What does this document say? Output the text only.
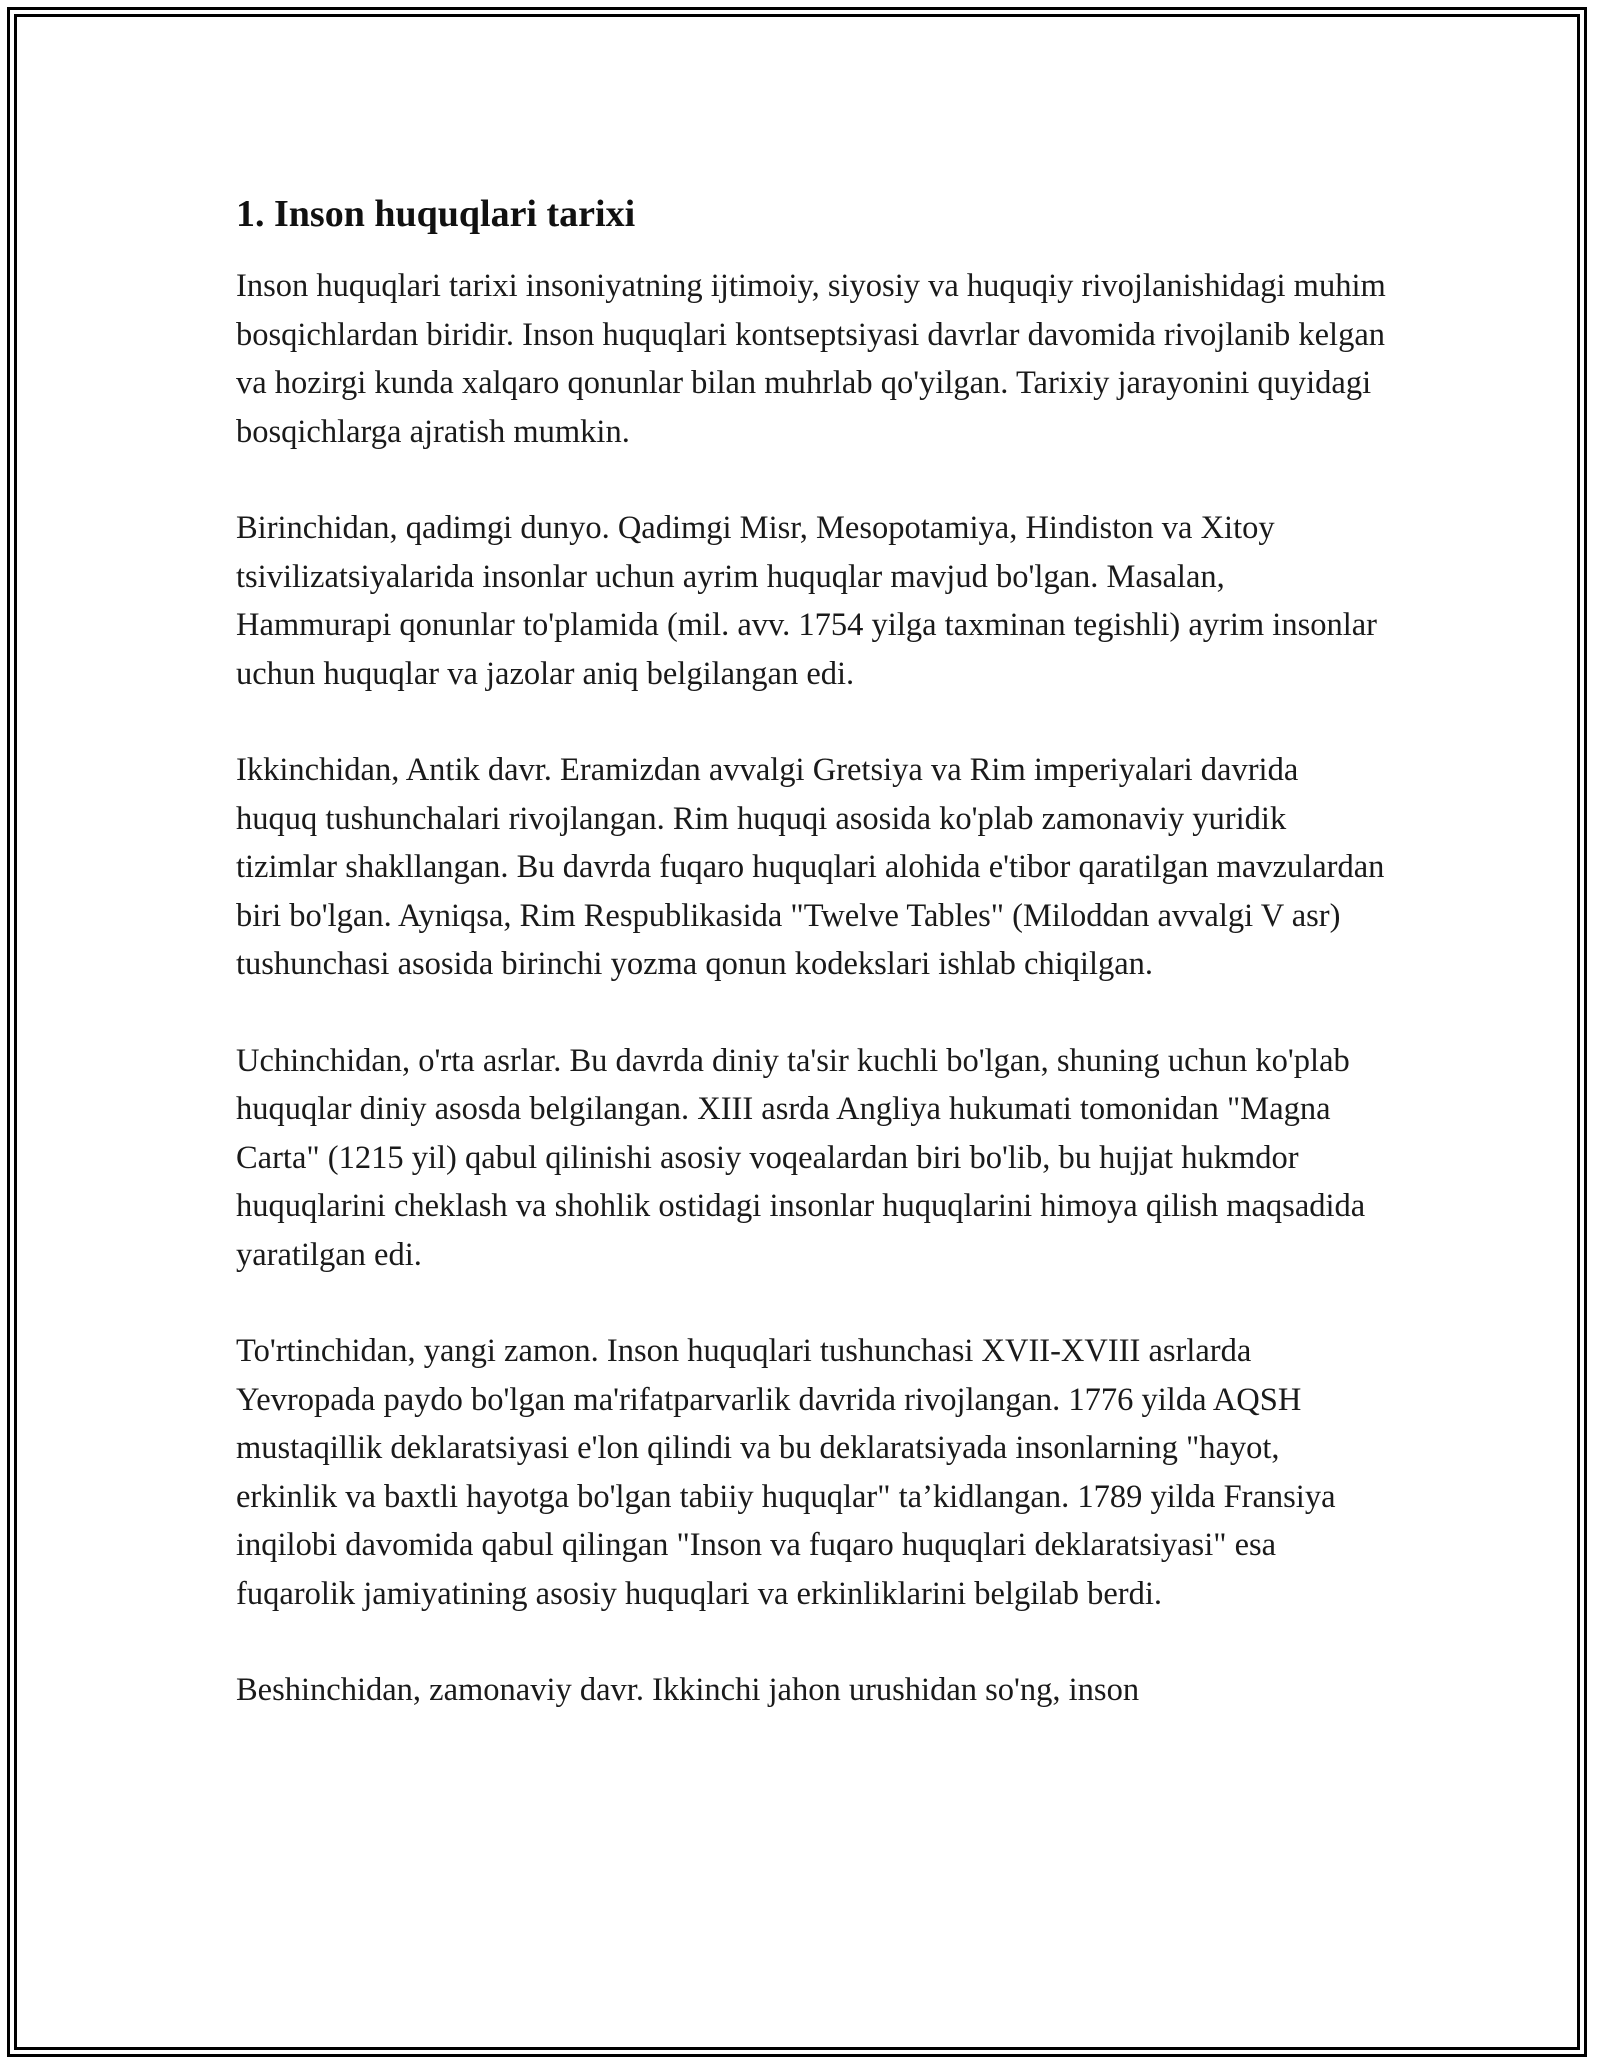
1. Inson huquqlari tarixi

Inson huquqlari tarixi insoniyatning ijtimoiy, siyosiy va huquqiy rivojlanishidagi muhim bosqichlardan biridir. Inson huquqlari kontseptsiyasi davrlar davomida rivojlanib kelgan va hozirgi kunda xalqaro qonunlar bilan muhrlab qo'yilgan. Tarixiy jarayonini quyidagi bosqichlarga ajratish mumkin.

Birinchidan, qadimgi dunyo. Qadimgi Misr, Mesopotamiya, Hindiston va Xitoy tsivilizatsiyalarida insonlar uchun ayrim huquqlar mavjud bo'lgan. Masalan, Hammurapi qonunlar to'plamida (mil. avv. 1754 yilga taxminan tegishli) ayrim insonlar uchun huquqlar va jazolar aniq belgilangan edi.

Ikkinchidan, Antik davr. Eramizdan avvalgi Gretsiya va Rim imperiyalari davrida huquq tushunchalari rivojlangan. Rim huquqi asosida ko'plab zamonaviy yuridik tizimlar shakllangan. Bu davrda fuqaro huquqlari alohida e'tibor qaratilgan mavzulardan biri bo'lgan. Ayniqsa, Rim Respublikasida "Twelve Tables" (Miloddan avvalgi V asr) tushunchasi asosida birinchi yozma qonun kodekslari ishlab chiqilgan.

Uchinchidan, o'rta asrlar. Bu davrda diniy ta'sir kuchli bo'lgan, shuning uchun ko'plab huquqlar diniy asosda belgilangan. XIII asrda Angliya hukumati tomonidan "Magna Carta" (1215 yil) qabul qilinishi asosiy voqealardan biri bo'lib, bu hujjat hukmdor huquqlarini cheklash va shohlik ostidagi insonlar huquqlarini himoya qilish maqsadida yaratilgan edi.

To'rtinchidan, yangi zamon. Inson huquqlari tushunchasi XVII-XVIII asrlarda Yevropada paydo bo'lgan ma'rifatparvarlik davrida rivojlangan. 1776 yilda AQSH mustaqillik deklaratsiyasi e'lon qilindi va bu deklaratsiyada insonlarning "hayot, erkinlik va baxtli hayotga bo'lgan tabiiy huquqlar" ta’kidlangan. 1789 yilda Fransiya inqilobi davomida qabul qilingan "Inson va fuqaro huquqlari deklaratsiyasi" esa fuqarolik jamiyatining asosiy huquqlari va erkinliklarini belgilab berdi.

Beshinchidan, zamonaviy davr. Ikkinchi jahon urushidan so'ng, inson
